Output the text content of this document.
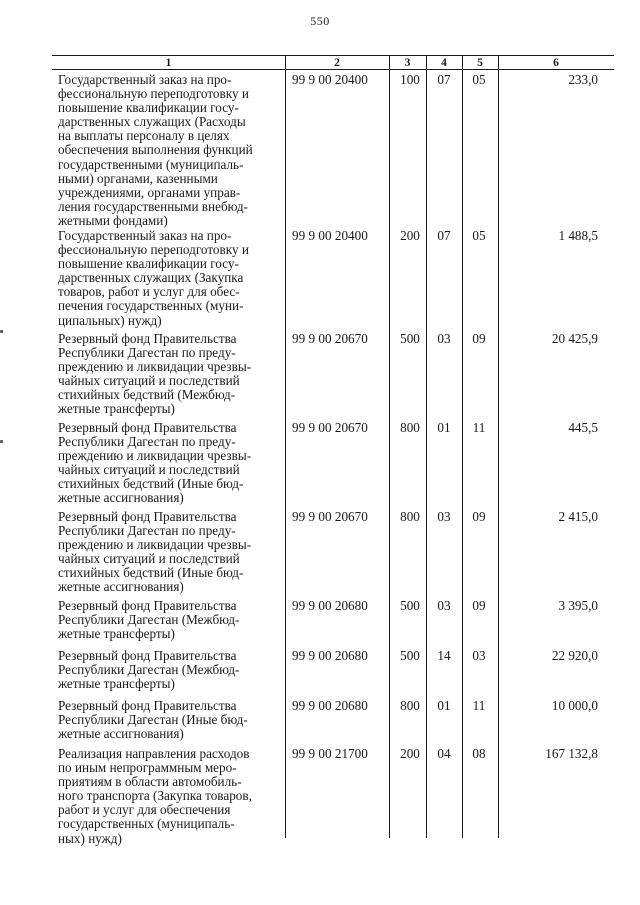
550
1	2	3	4	5	6
Государственный заказ на про-
фессиональную переподготовку и
повышение квалификации госу-
дарственных служащих (Расходы
на выплаты персоналу в целях
обеспечения выполнения функций
государственными (муниципаль-
ными) органами, казенными
учреждениями, органами управ-
ления государственными внебюд-
жетными фондами)
99 9 00 20400	100	07	05	233,0
Государственный заказ на про-
фессиональную переподготовку и
повышение квалификации госу-
дарственных служащих (Закупка
товаров, работ и услуг для обес-
печения государственных (муни-
ципальных) нужд)
99 9 00 20400	200	07	05	1 488,5
Резервный фонд Правительства
Республики Дагестан по преду-
преждению и ликвидации чрезвы-
чайных ситуаций и последствий
стихийных бедствий (Межбюд-
жетные трансферты)
99 9 00 20670	500	03	09	20 425,9
Резервный фонд Правительства
Республики Дагестан по преду-
преждению и ликвидации чрезвы-
чайных ситуаций и последствий
стихийных бедствий (Иные бюд-
жетные ассигнования)
99 9 00 20670	800	01	11	445,5
Резервный фонд Правительства
Республики Дагестан по преду-
преждению и ликвидации чрезвы-
чайных ситуаций и последствий
стихийных бедствий (Иные бюд-
жетные ассигнования)
99 9 00 20670	800	03	09	2 415,0
Резервный фонд Правительства
Республики Дагестан (Межбюд-
жетные трансферты)
99 9 00 20680	500	03	09	3 395,0
Резервный фонд Правительства
Республики Дагестан (Межбюд-
жетные трансферты)
99 9 00 20680	500	14	03	22 920,0
Резервный фонд Правительства
Республики Дагестан (Иные бюд-
жетные ассигнования)
99 9 00 20680	800	01	11	10 000,0
Реализация направления расходов
по иным непрограммным меро-
приятиям в области автомобиль-
ного транспорта (Закупка товаров,
работ и услуг для обеспечения
государственных (муниципаль-
ных) нужд)
99 9 00 21700	200	04	08	167 132,8
